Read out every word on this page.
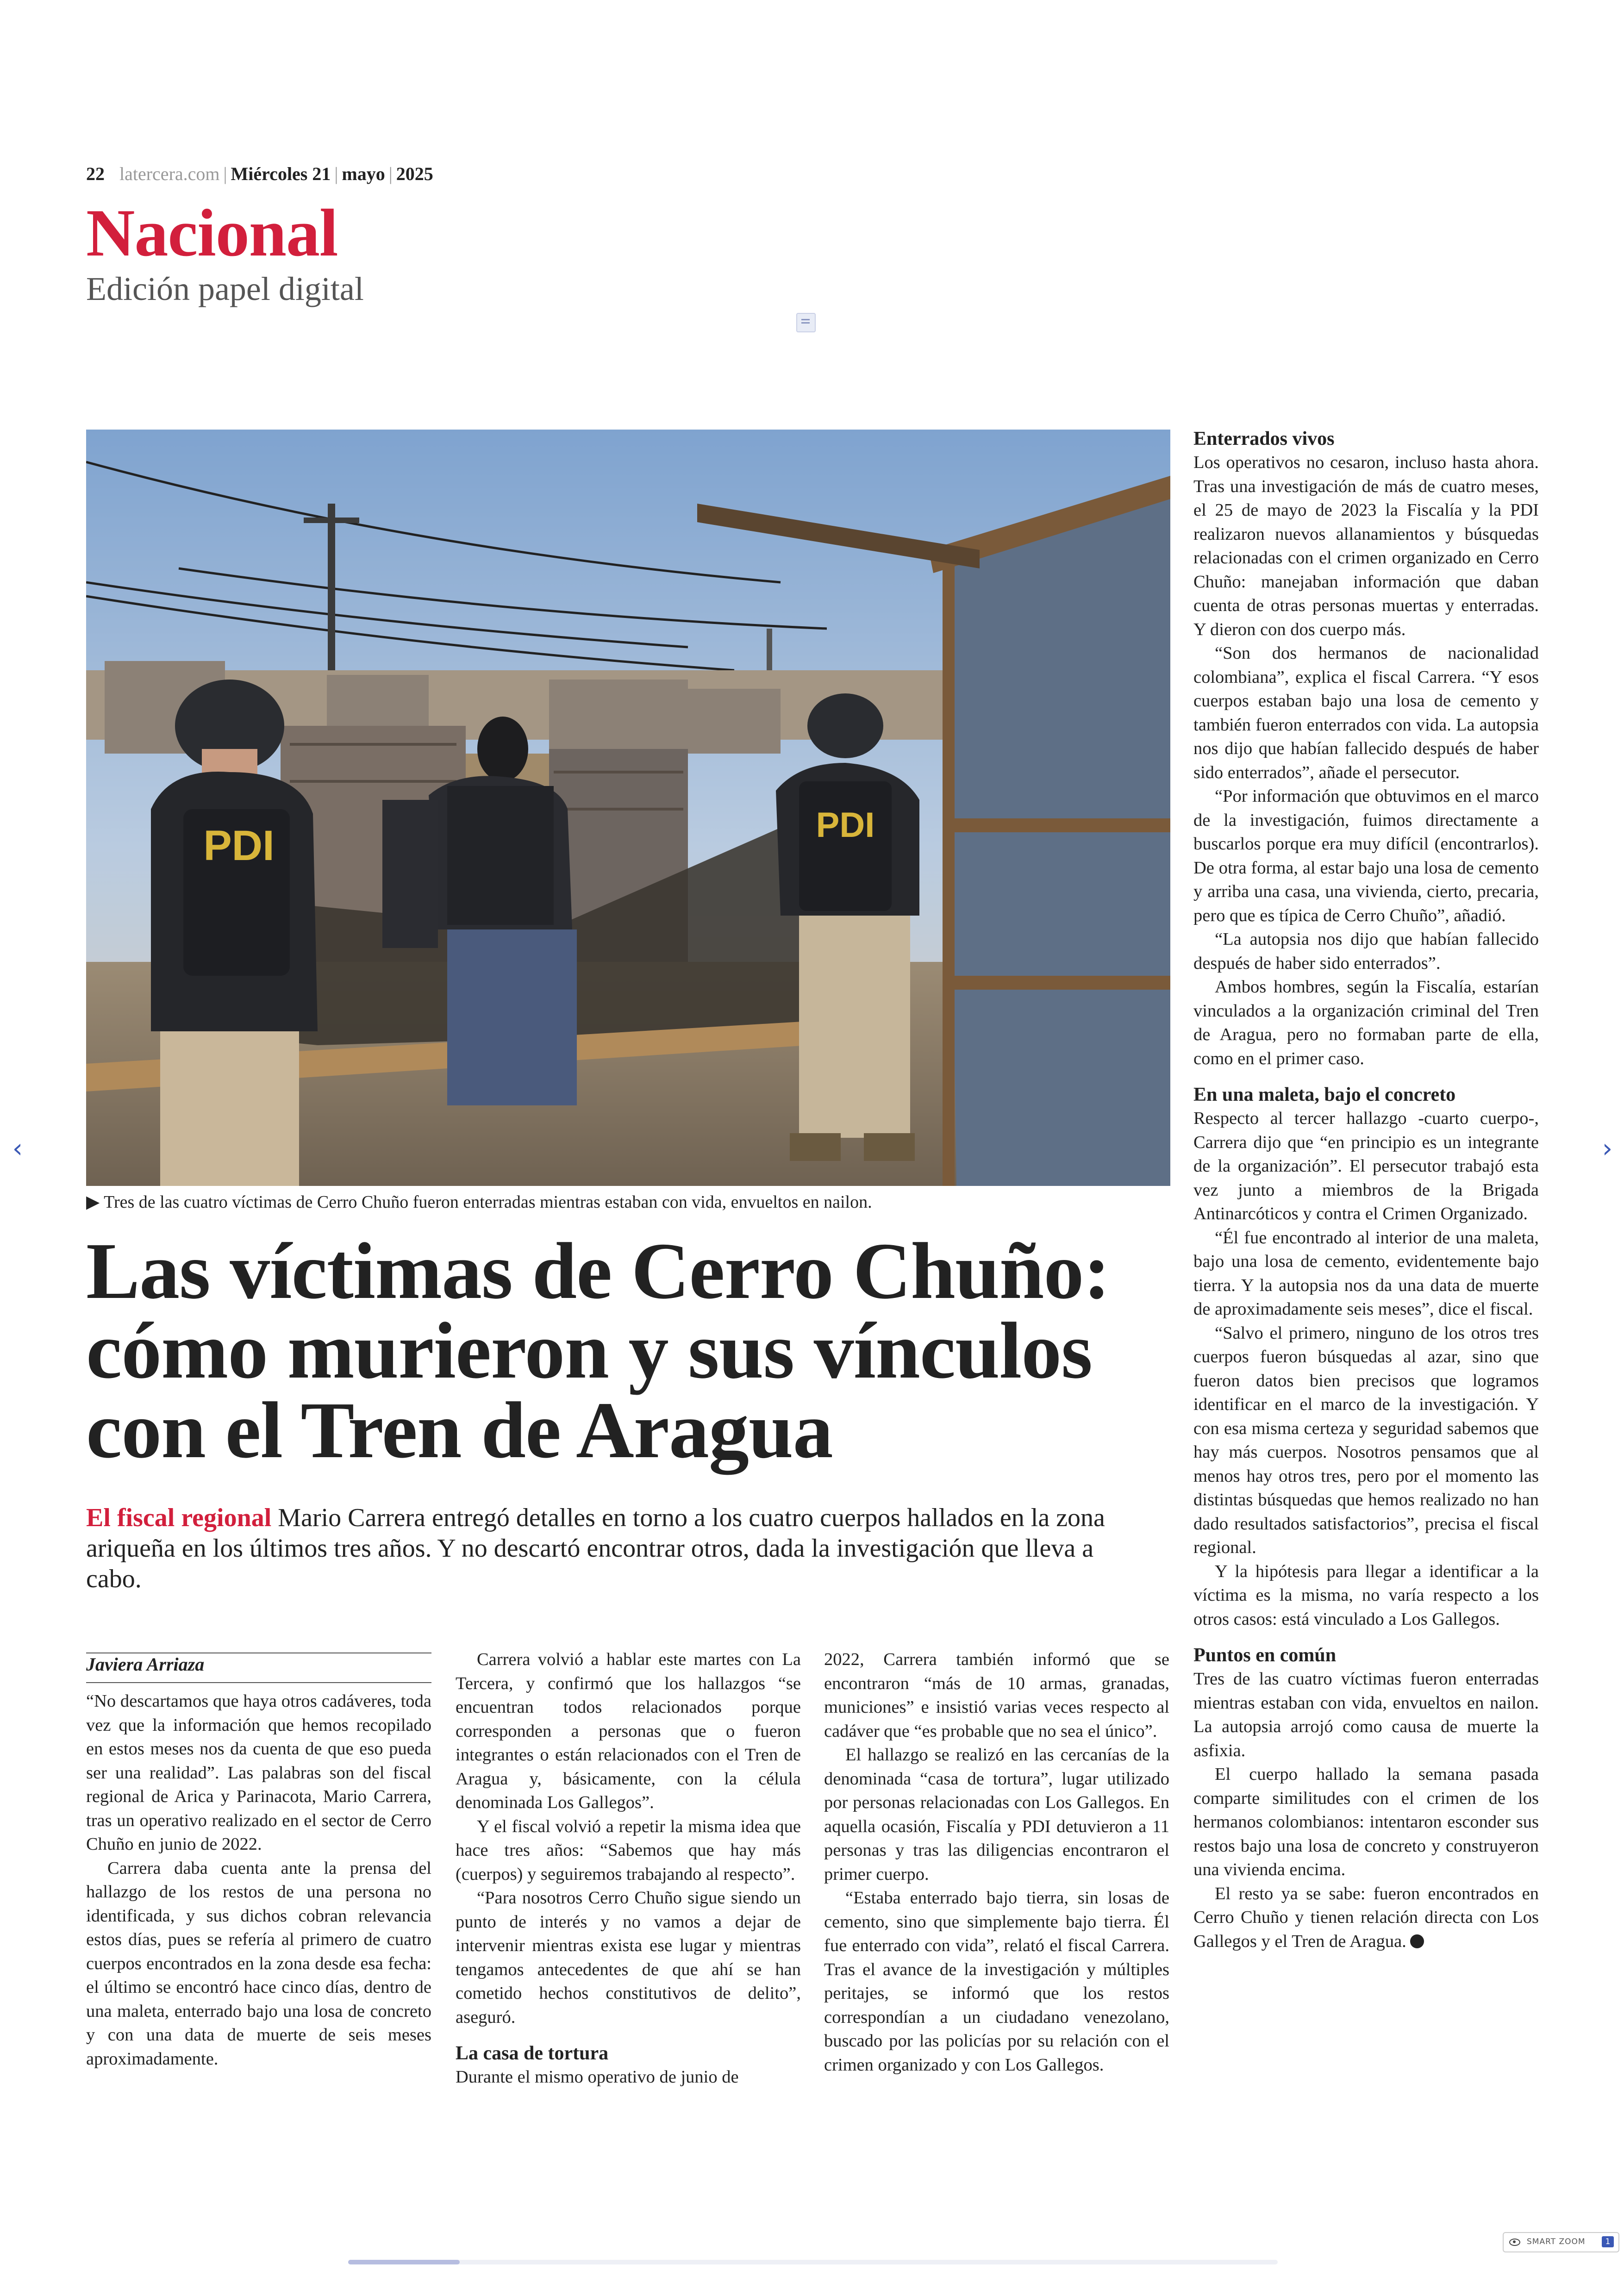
22 latercera.com | Miércoles 21 | mayo | 2025
Nacional
Edición papel digital
PDI	PDI
▶ Tres de las cuatro víctimas de Cerro Chuño fueron enterradas mientras estaban con vida, envueltos en nailon.
Las víctimas de Cerro Chuño: cómo murieron y sus vínculos con el Tren de Aragua
El fiscal regional Mario Carrera entregó detalles en torno a los cuatro cuerpos hallados en la zona ariqueña en los últimos tres años. Y no descartó encontrar otros, dada la investigación que lleva a cabo.
Javiera Arriaza

“No descartamos que haya otros cadáveres, toda vez que la información que hemos recopilado en estos meses nos da cuenta de que eso pueda ser una realidad”. Las palabras son del fiscal regional de Arica y Parinacota, Mario Carrera, tras un operativo realizado en el sector de Cerro Chuño en junio de 2022.

Carrera daba cuenta ante la prensa del hallazgo de los restos de una persona no identificada, y sus dichos cobran relevancia estos días, pues se refería al primero de cuatro cuerpos encontrados en la zona desde esa fecha: el último se encontró hace cinco días, dentro de una maleta, enterrado bajo una losa de concreto y con una data de muerte de seis meses aproximadamente.

Carrera volvió a hablar este martes con La Tercera, y confirmó que los hallazgos “se encuentran todos relacionados porque corresponden a personas que o fueron integrantes o están relacionados con el Tren de Aragua y, básicamente, con la célula denominada Los Gallegos”.

Y el fiscal volvió a repetir la misma idea que hace tres años: “Sabemos que hay más (cuerpos) y seguiremos trabajando al respecto”.

“Para nosotros Cerro Chuño sigue siendo un punto de interés y no vamos a dejar de intervenir mientras exista ese lugar y mientras tengamos antecedentes de que ahí se han cometido hechos constitutivos de delito”, aseguró.

La casa de tortura

Durante el mismo operativo de junio de

2022, Carrera también informó que se encontraron “más de 10 armas, granadas, municiones” e insistió varias veces respecto al cadáver que “es probable que no sea el único”.

El hallazgo se realizó en las cercanías de la denominada “casa de tortura”, lugar utilizado por personas relacionadas con Los Gallegos. En aquella ocasión, Fiscalía y PDI detuvieron a 11 personas y tras las diligencias encontraron el primer cuerpo.

“Estaba enterrado bajo tierra, sin losas de cemento, sino que simplemente bajo tierra. Él fue enterrado con vida”, relató el fiscal Carrera. Tras el avance de la investigación y múltiples peritajes, se informó que los restos correspondían a un ciudadano venezolano, buscado por las policías por su relación con el crimen organizado y con Los Gallegos.

Enterrados vivos

Los operativos no cesaron, incluso hasta ahora. Tras una investigación de más de cuatro meses, el 25 de mayo de 2023 la Fiscalía y la PDI realizaron nuevos allanamientos y búsquedas relacionadas con el crimen organizado en Cerro Chuño: manejaban información que daban cuenta de otras personas muertas y enterradas. Y dieron con dos cuerpo más.

“Son dos hermanos de nacionalidad colombiana”, explica el fiscal Carrera. “Y esos cuerpos estaban bajo una losa de cemento y también fueron enterrados con vida. La autopsia nos dijo que habían fallecido después de haber sido enterrados”, añade el persecutor.

“Por información que obtuvimos en el marco de la investigación, fuimos directamente a buscarlos porque era muy difícil (encontrarlos). De otra forma, al estar bajo una losa de cemento y arriba una casa, una vivienda, cierto, precaria, pero que es típica de Cerro Chuño”, añadió.

“La autopsia nos dijo que habían fallecido después de haber sido enterrados”.

Ambos hombres, según la Fiscalía, estarían vinculados a la organización criminal del Tren de Aragua, pero no formaban parte de ella, como en el primer caso.

En una maleta, bajo el concreto

Respecto al tercer hallazgo -cuarto cuerpo-, Carrera dijo que “en principio es un integrante de la organización”. El persecutor trabajó esta vez junto a miembros de la Brigada Antinarcóticos y contra el Crimen Organizado.

“Él fue encontrado al interior de una maleta, bajo una losa de cemento, evidentemente bajo tierra. Y la autopsia nos da una data de muerte de aproximadamente seis meses”, dice el fiscal.

“Salvo el primero, ninguno de los otros tres cuerpos fueron búsquedas al azar, sino que fueron datos bien precisos que logramos identificar en el marco de la investigación. Y con esa misma certeza y seguridad sabemos que hay más cuerpos. Nosotros pensamos que al menos hay otros tres, pero por el momento las distintas búsquedas que hemos realizado no han dado resultados satisfactorios”, precisa el fiscal regional.

Y la hipótesis para llegar a identificar a la víctima es la misma, no varía respecto a los otros casos: está vinculado a Los Gallegos.

Puntos en común

Tres de las cuatro víctimas fueron enterradas mientras estaban con vida, envueltos en nailon. La autopsia arrojó como causa de muerte la asfixia.

El cuerpo hallado la semana pasada comparte similitudes con el crimen de los hermanos colombianos: intentaron esconder sus restos bajo una losa de concreto y construyeron una vivienda encima.

El resto ya se sabe: fueron encontrados en Cerro Chuño y tienen relación directa con Los Gallegos y el Tren de Aragua.

‹	›
SMART ZOOM	1
